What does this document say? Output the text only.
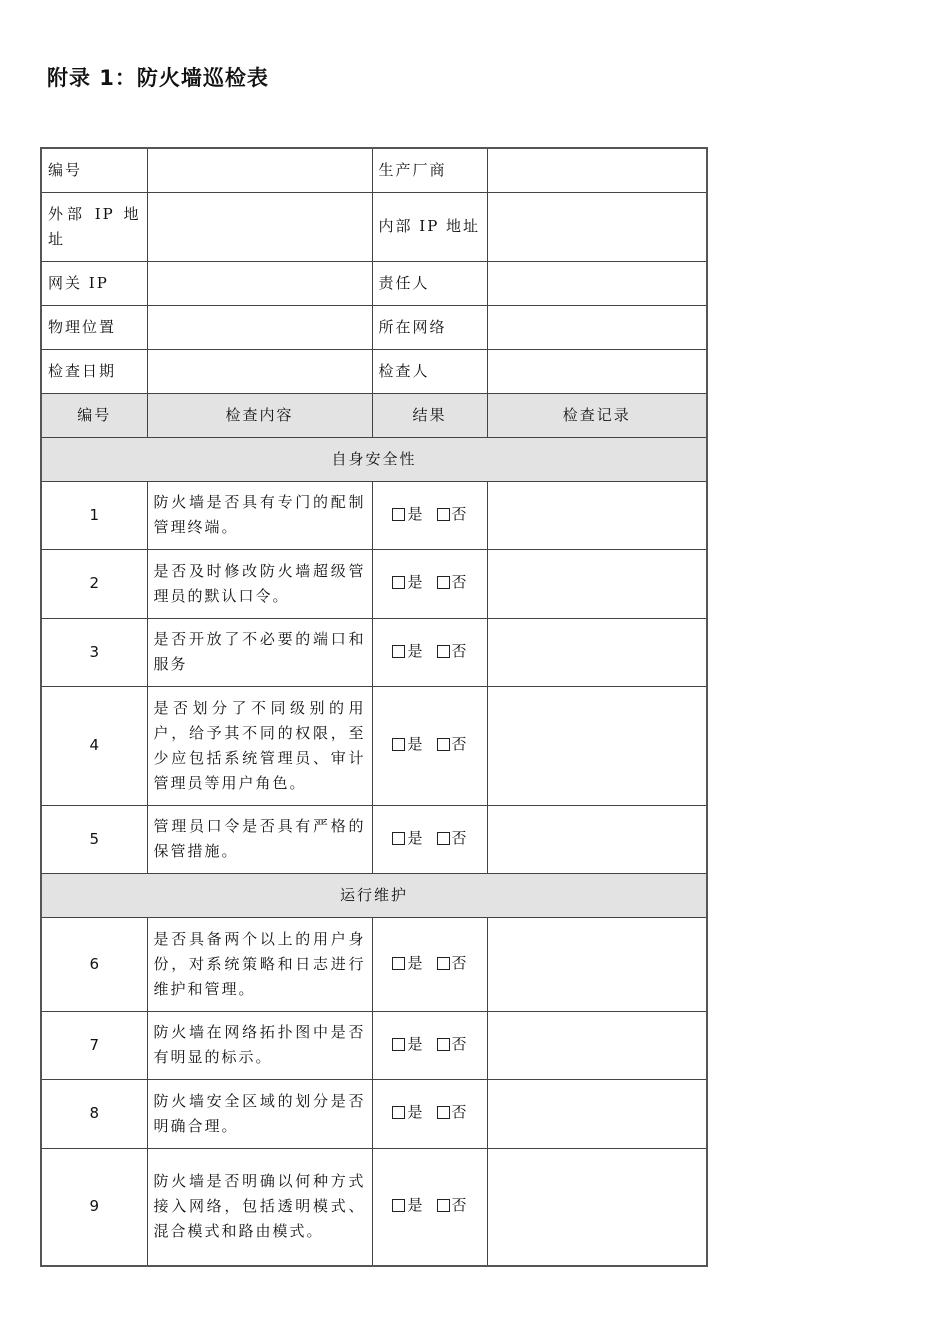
附录 1：防火墙巡检表
编号		生产厂商	
外部 IP 地址		内部 IP 地址	
网关 IP		责任人	
物理位置		所在网络	
检查日期		检查人	
编号	检查内容	结果	检查记录
自身安全性			
1	防火墙是否具有专门的配制管理终端。	是 否	

2	是否及时修改防火墙超级管理员的默认口令。	是 否	

3	是否开放了不必要的端口和服务	是 否	

4	是否划分了不同级别的用户，给予其不同的权限，至少应包括系统管理员、审计管理员等用户角色。	是 否	

5	管理员口令是否具有严格的保管措施。	是 否	

运行维护			
6	是否具备两个以上的用户身份，对系统策略和日志进行维护和管理。	是 否	

7	防火墙在网络拓扑图中是否有明显的标示。	是 否	

8	防火墙安全区域的划分是否明确合理。	是 否	

9	防火墙是否明确以何种方式接入网络，包括透明模式、混合模式和路由模式。	是 否	
